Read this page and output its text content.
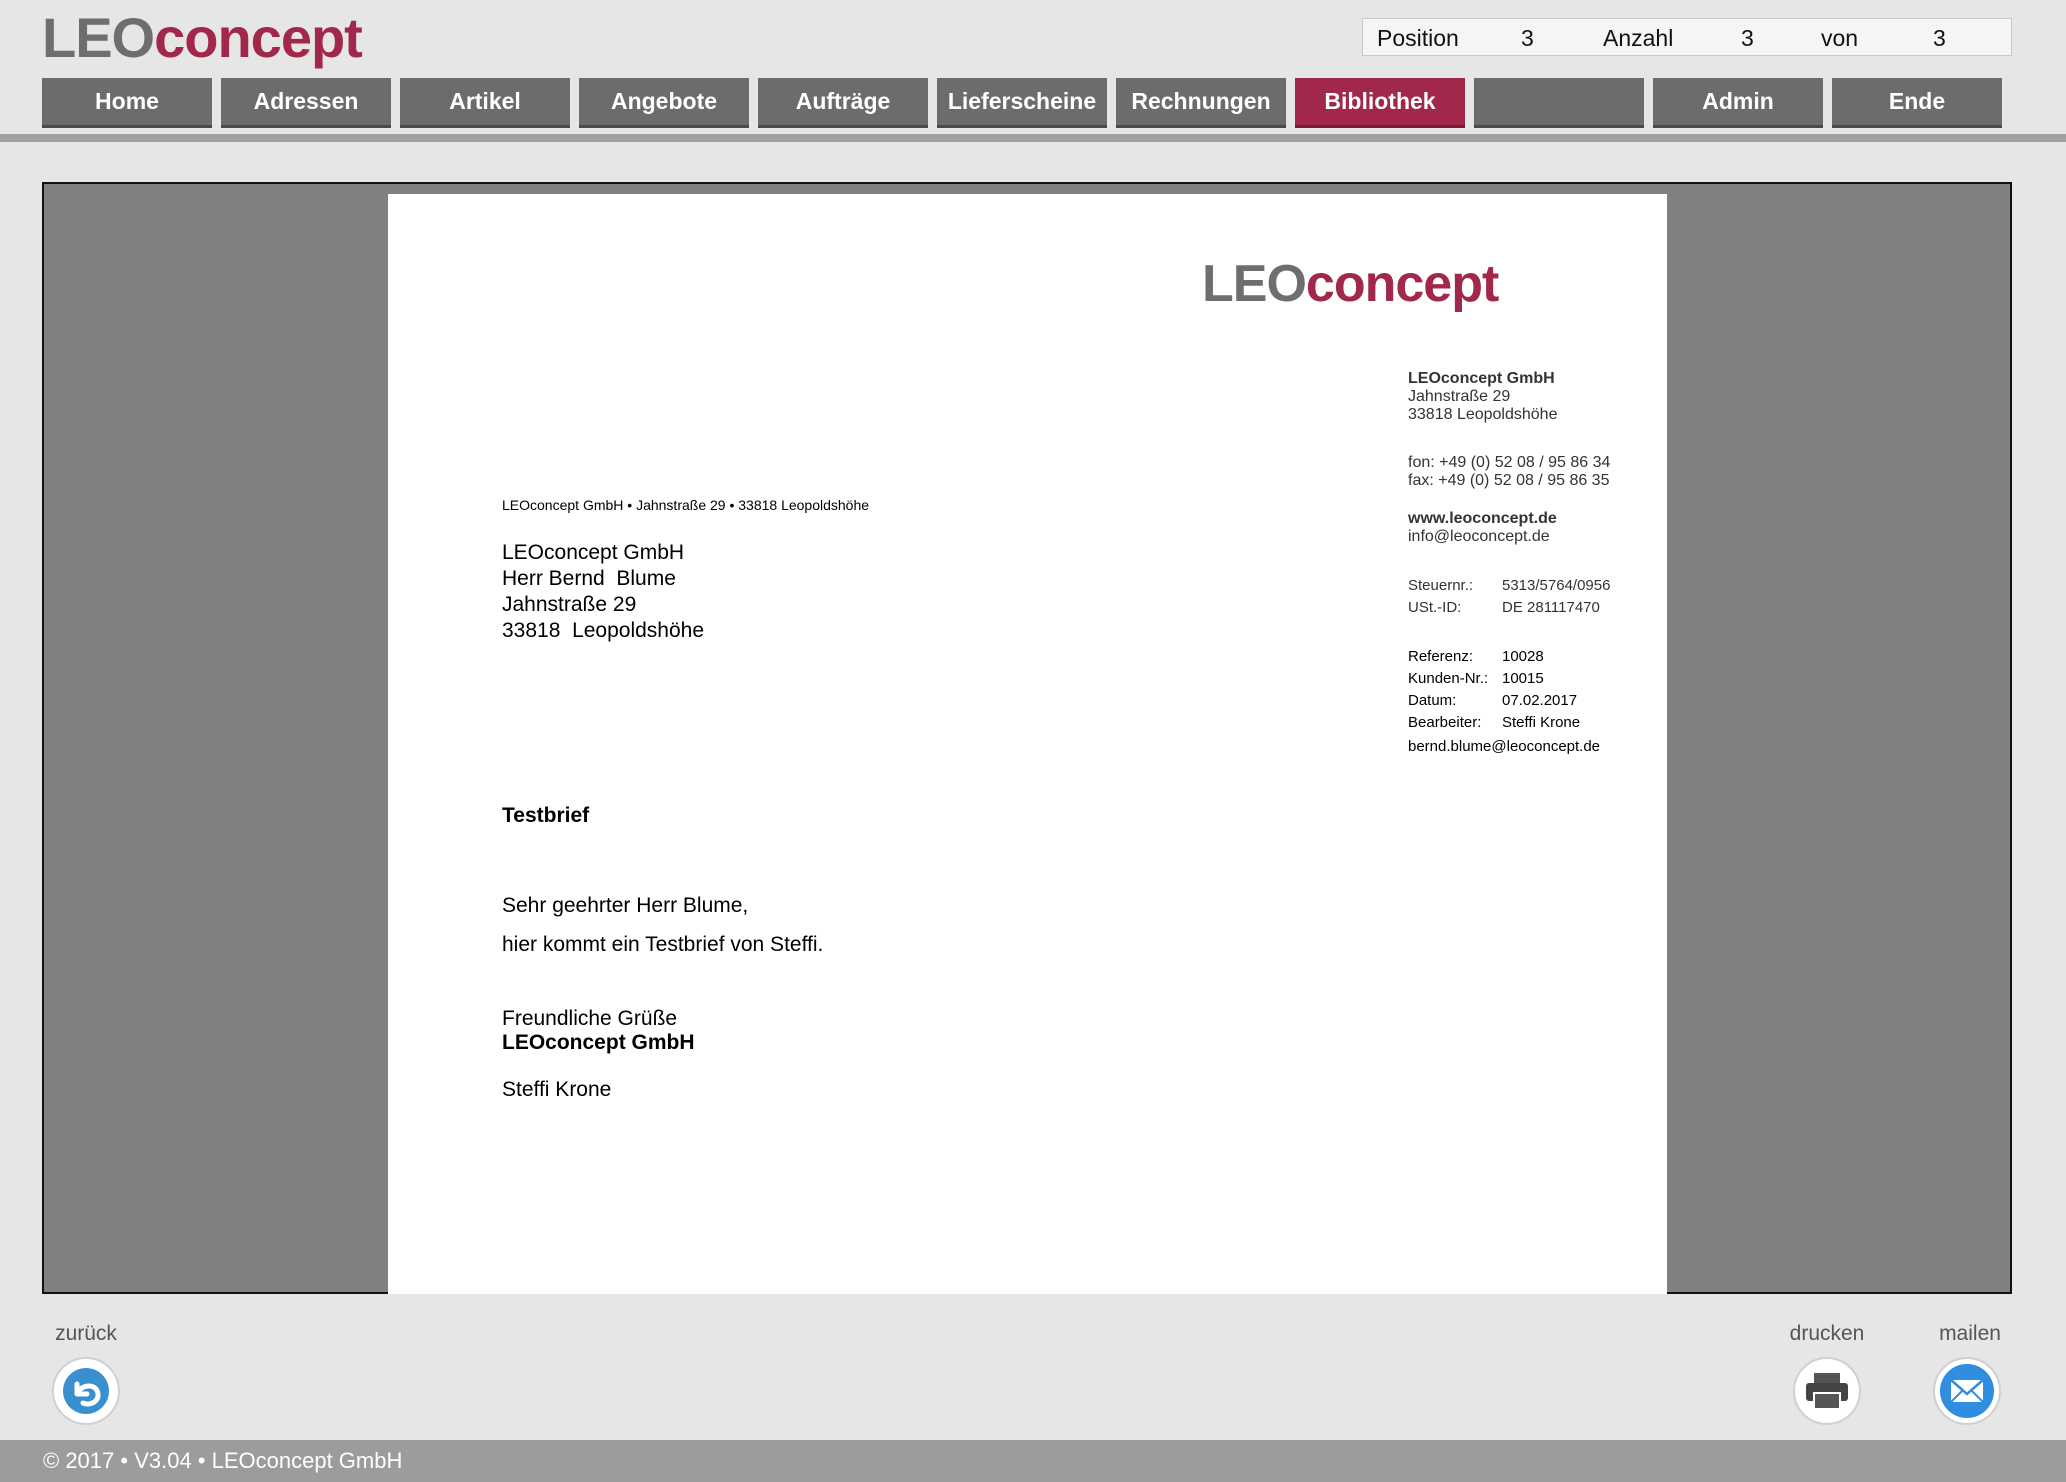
LEOconcept	Position	3	Anzahl	3	von	3
Home	Adressen	Artikel	Angebote	Aufträge	Lieferscheine	Rechnungen	Bibliothek	Admin	Ende
LEOconcept
LEOconcept GmbH
Jahnstraße 29
33818 Leopoldshöhe
fon: +49 (0) 52 08 / 95 86 34
fax: +49 (0) 52 08 / 95 86 35
www.leoconcept.de
info@leoconcept.de
Steuernr.: 5313/5764/0956
USt.-ID:	DE 281117470
Referenz: 10028
Kunden-Nr.: 10015
Datum:	07.02.2017
Bearbeiter: Steffi Krone
bernd.blume@leoconcept.de
LEOconcept GmbH • Jahnstraße 29 • 33818 Leopoldshöhe
LEOconcept GmbH
Herr Bernd  Blume
Jahnstraße 29
33818  Leopoldshöhe
Testbrief
Sehr geehrter Herr Blume,
hier kommt ein Testbrief von Steffi.
Freundliche Grüße
LEOconcept GmbH
Steffi Krone
zurück	drucken	mailen
© 2017 • V3.04 • LEOconcept GmbH
